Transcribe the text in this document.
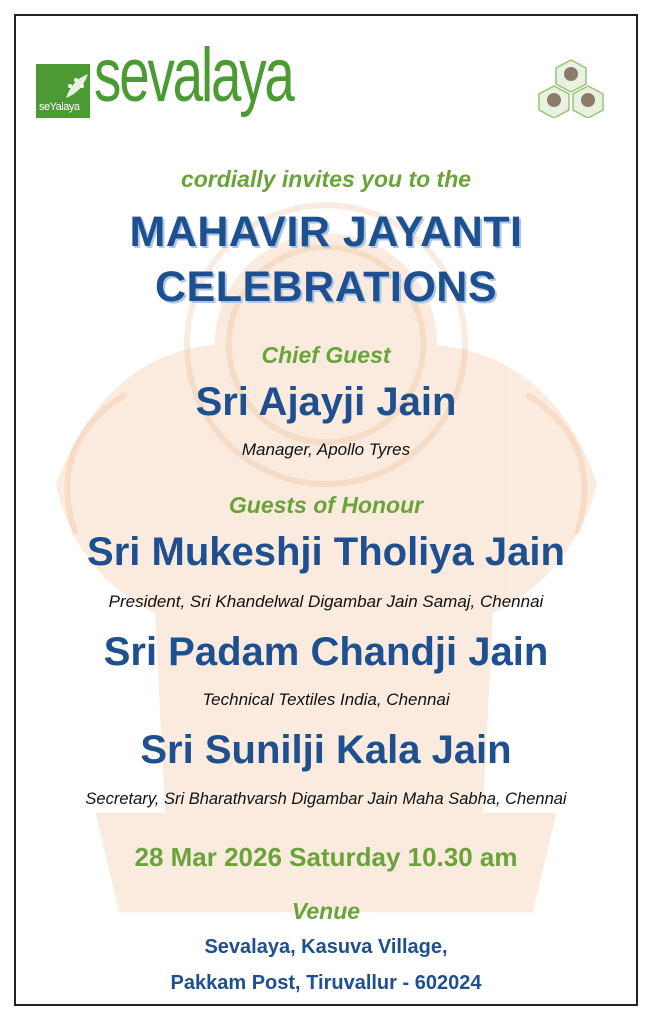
seYalaya sevalaya
cordially invites you to the
MAHAVIR JAYANTI
CELEBRATIONS
Chief Guest
Sri Ajayji Jain
Manager, Apollo Tyres
Guests of Honour
Sri Mukeshji Tholiya Jain
President, Sri Khandelwal Digambar Jain Samaj, Chennai
Sri Padam Chandji Jain
Technical Textiles India, Chennai
Sri Sunilji Kala Jain
Secretary, Sri Bharathvarsh Digambar Jain Maha Sabha, Chennai
28 Mar 2026 Saturday 10.30 am
Venue
Sevalaya, Kasuva Village,
Pakkam Post, Tiruvallur - 602024
